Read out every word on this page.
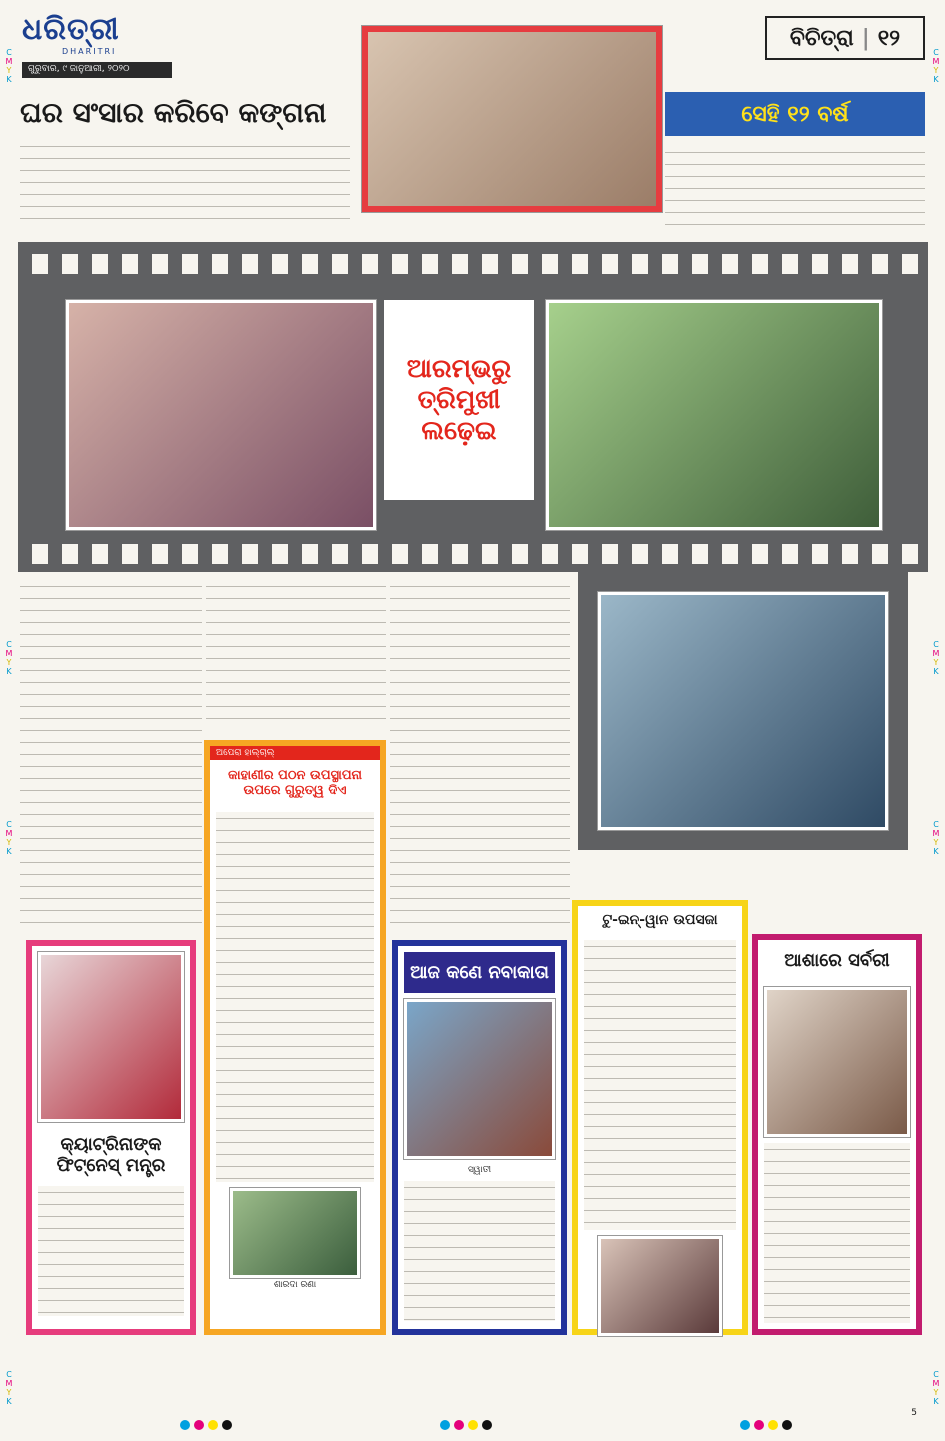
C
M
Y
K
C
M
Y
K
C
M
Y
K
C
M
Y
K
C
M
Y
K
C
M
Y
K
C
M
Y
K
C
M
Y
K
ଧରିତ୍ରୀ
DHARITRI
ଗୁରୁବାର, ୯ ଜାନୁଆରୀ, ୨୦୨୦
ବିଚିତ୍ରା | ୧୨
ଘର ସଂସାର କରିବେ କଙ୍ଗନା	ସେହି ୧୨ ବର୍ଷ
ଆରମ୍ଭରୁ
ତ୍ରିମୁଖୀ
ଲଢ଼େଇ
ଅପେରା ହାଲ୍‌ଚାଲ୍
କାହାଣୀର ପଠନ ଉପସ୍ଥାପନା ଉପରେ ଗୁରୁତ୍ୱ ଦିଏ
ଶାରଦା ରଣା
କ୍ୟାଟ୍ରିନାଙ୍କ
ଫିଟ୍‌ନେସ୍ ମନ୍ତ୍ର
ଆଜ କଣେ ନବାକାତା
ସ୍ୱାତୀ
ଟୁ-ଇନ୍-ୱାନ ଉପସଜା
ଆଶାରେ ସର୍ବରୀ
5
